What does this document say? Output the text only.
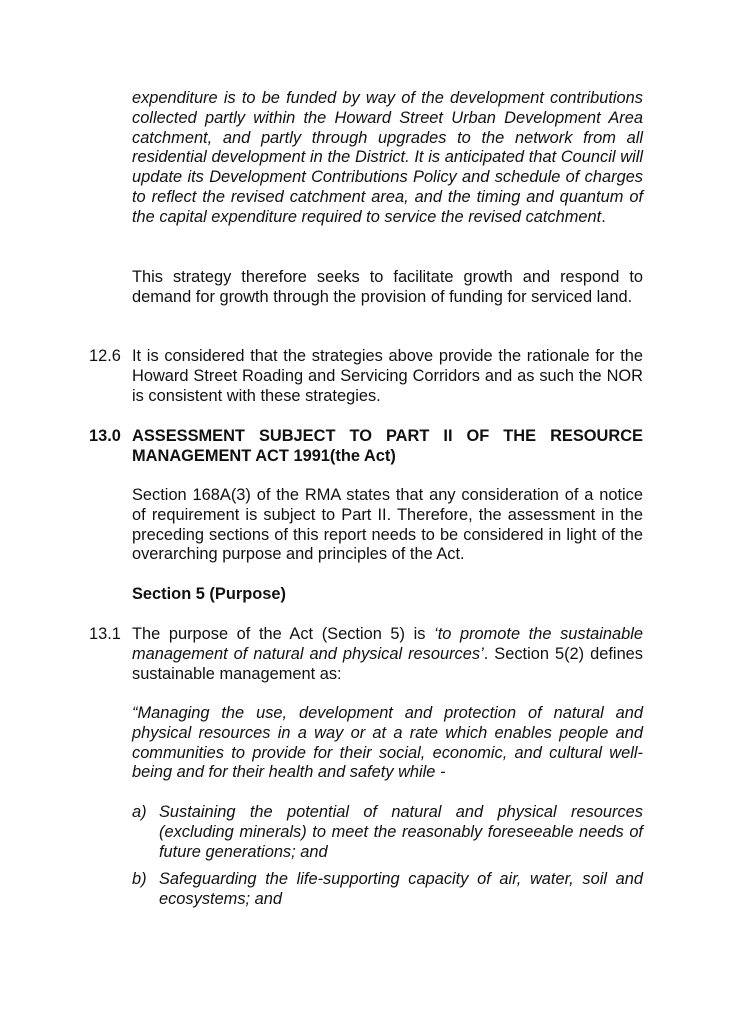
expenditure is to be funded by way of the development contributions collected partly within the Howard Street Urban Development Area catchment, and partly through upgrades to the network from all residential development in the District. It is anticipated that Council will update its Development Contributions Policy and schedule of charges to reflect the revised catchment area, and the timing and quantum of the capital expenditure required to service the revised catchment.

This strategy therefore seeks to facilitate growth and respond to demand for growth through the provision of funding for serviced land.

12.6 It is considered that the strategies above provide the rationale for the Howard Street Roading and Servicing Corridors and as such the NOR is consistent with these strategies.

13.0 ASSESSMENT SUBJECT TO PART II OF THE RESOURCE MANAGEMENT ACT 1991(the Act)

Section 168A(3) of the RMA states that any consideration of a notice of requirement is subject to Part II. Therefore, the assessment in the preceding sections of this report needs to be considered in light of the overarching purpose and principles of the Act.

Section 5 (Purpose)

13.1 The purpose of the Act (Section 5) is ‘to promote the sustainable management of natural and physical resources’. Section 5(2) defines sustainable management as:

“Managing the use, development and protection of natural and physical resources in a way or at a rate which enables people and communities to provide for their social, economic, and cultural well-being and for their health and safety while -

a) Sustaining the potential of natural and physical resources (excluding minerals) to meet the reasonably foreseeable needs of future generations; and

b) Safeguarding the life-supporting capacity of air, water, soil and ecosystems; and
